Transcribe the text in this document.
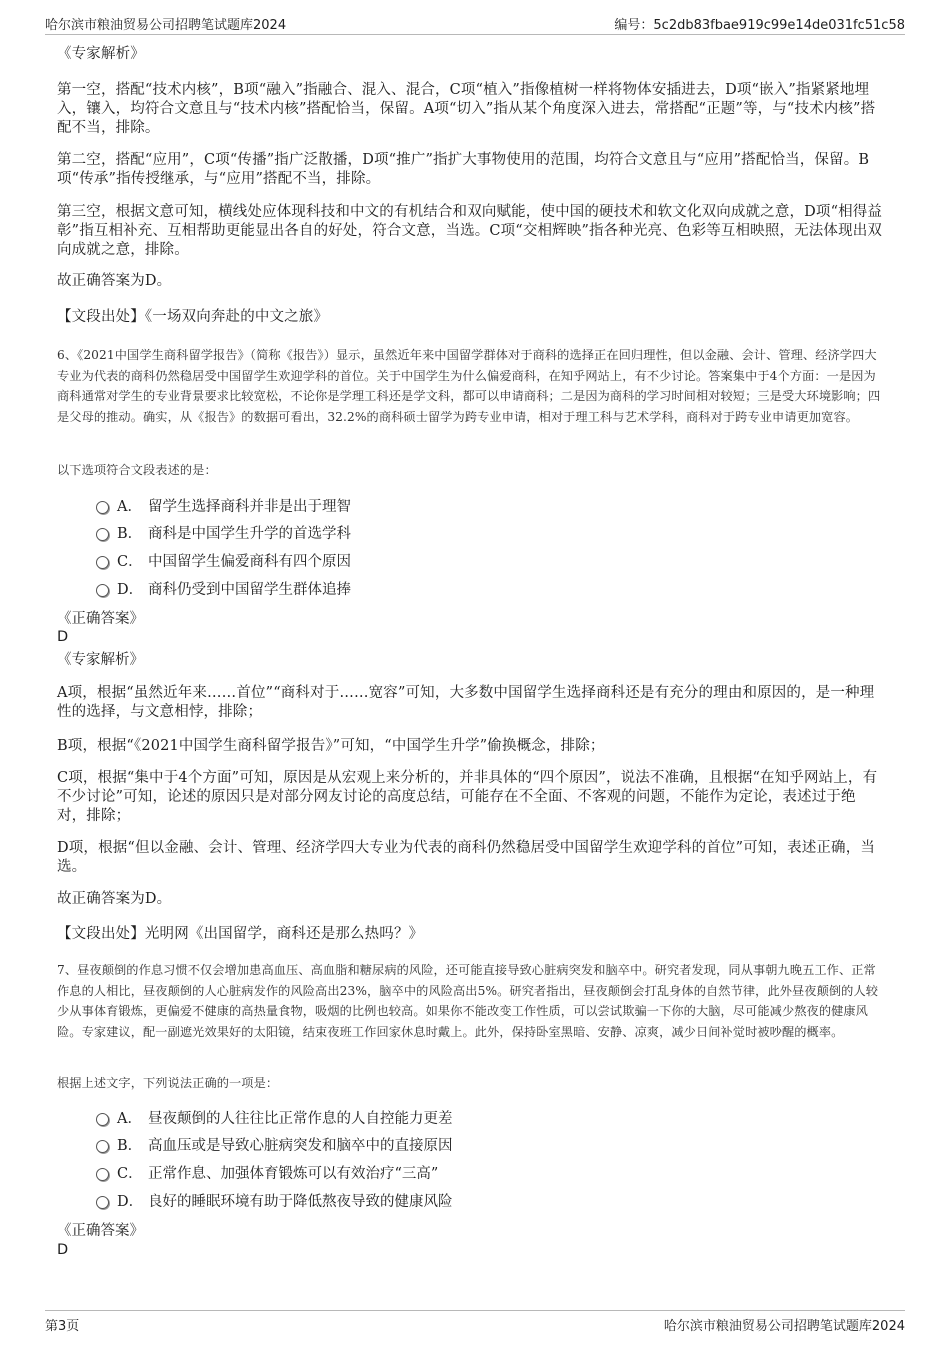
哈尔滨市粮油贸易公司招聘笔试题库2024	编号：5c2db83fbae919c99e14de031fc51c58
《专家解析》
第一空，搭配“技术内核”，B项“融入”指融合、混入、混合，C项“植入”指像植树一样将物体安插进去，D项“嵌入”指紧紧地埋入，镶入，均符合文意且与“技术内核”搭配恰当，保留。A项“切入”指从某个角度深入进去，常搭配“正题”等，与“技术内核”搭配不当，排除。
第二空，搭配“应用”，C项“传播”指广泛散播，D项“推广”指扩大事物使用的范围，均符合文意且与“应用”搭配恰当，保留。B项“传承”指传授继承，与“应用”搭配不当，排除。
第三空，根据文意可知，横线处应体现科技和中文的有机结合和双向赋能，使中国的硬技术和软文化双向成就之意，D项“相得益彰”指互相补充、互相帮助更能显出各自的好处，符合文意，当选。C项“交相辉映”指各种光亮、色彩等互相映照，无法体现出双向成就之意，排除。
故正确答案为D。
【文段出处】《一场双向奔赴的中文之旅》
6、《2021中国学生商科留学报告》（简称《报告》）显示，虽然近年来中国留学群体对于商科的选择正在回归理性，但以金融、会计、管理、经济学四大专业为代表的商科仍然稳居受中国留学生欢迎学科的首位。关于中国学生为什么偏爱商科，在知乎网站上，有不少讨论。答案集中于4个方面：一是因为商科通常对学生的专业背景要求比较宽松，不论你是学理工科还是学文科，都可以申请商科；二是因为商科的学习时间相对较短；三是受大环境影响；四是父母的推动。确实，从《报告》的数据可看出，32.2%的商科硕士留学为跨专业申请，相对于理工科与艺术学科，商科对于跨专业申请更加宽容。
以下选项符合文段表述的是：
A． 留学生选择商科并非是出于理智
B． 商科是中国学生升学的首选学科
C． 中国留学生偏爱商科有四个原因
D． 商科仍受到中国留学生群体追捧
《正确答案》
D
《专家解析》
A项，根据“虽然近年来……首位”“商科对于……宽容”可知，大多数中国留学生选择商科还是有充分的理由和原因的，是一种理性的选择，与文意相悖，排除；
B项，根据“《2021中国学生商科留学报告》”可知，“中国学生升学”偷换概念，排除；
C项，根据“集中于4个方面”可知，原因是从宏观上来分析的，并非具体的“四个原因”，说法不准确，且根据“在知乎网站上，有不少讨论”可知，论述的原因只是对部分网友讨论的高度总结，可能存在不全面、不客观的问题，不能作为定论，表述过于绝对，排除；
D项，根据“但以金融、会计、管理、经济学四大专业为代表的商科仍然稳居受中国留学生欢迎学科的首位”可知，表述正确，当选。
故正确答案为D。
【文段出处】光明网《出国留学，商科还是那么热吗？》
7、昼夜颠倒的作息习惯不仅会增加患高血压、高血脂和糖尿病的风险，还可能直接导致心脏病突发和脑卒中。研究者发现，同从事朝九晚五工作、正常作息的人相比，昼夜颠倒的人心脏病发作的风险高出23%，脑卒中的风险高出5%。研究者指出，昼夜颠倒会打乱身体的自然节律，此外昼夜颠倒的人较少从事体育锻炼，更偏爱不健康的高热量食物，吸烟的比例也较高。如果你不能改变工作性质，可以尝试欺骗一下你的大脑，尽可能减少熬夜的健康风险。专家建议，配一副遮光效果好的太阳镜，结束夜班工作回家休息时戴上。此外，保持卧室黑暗、安静、凉爽，减少日间补觉时被吵醒的概率。
根据上述文字，下列说法正确的一项是：
A． 昼夜颠倒的人往往比正常作息的人自控能力更差
B． 高血压或是导致心脏病突发和脑卒中的直接原因
C． 正常作息、加强体育锻炼可以有效治疗“三高”
D． 良好的睡眠环境有助于降低熬夜导致的健康风险
《正确答案》
D
第3页	哈尔滨市粮油贸易公司招聘笔试题库2024
